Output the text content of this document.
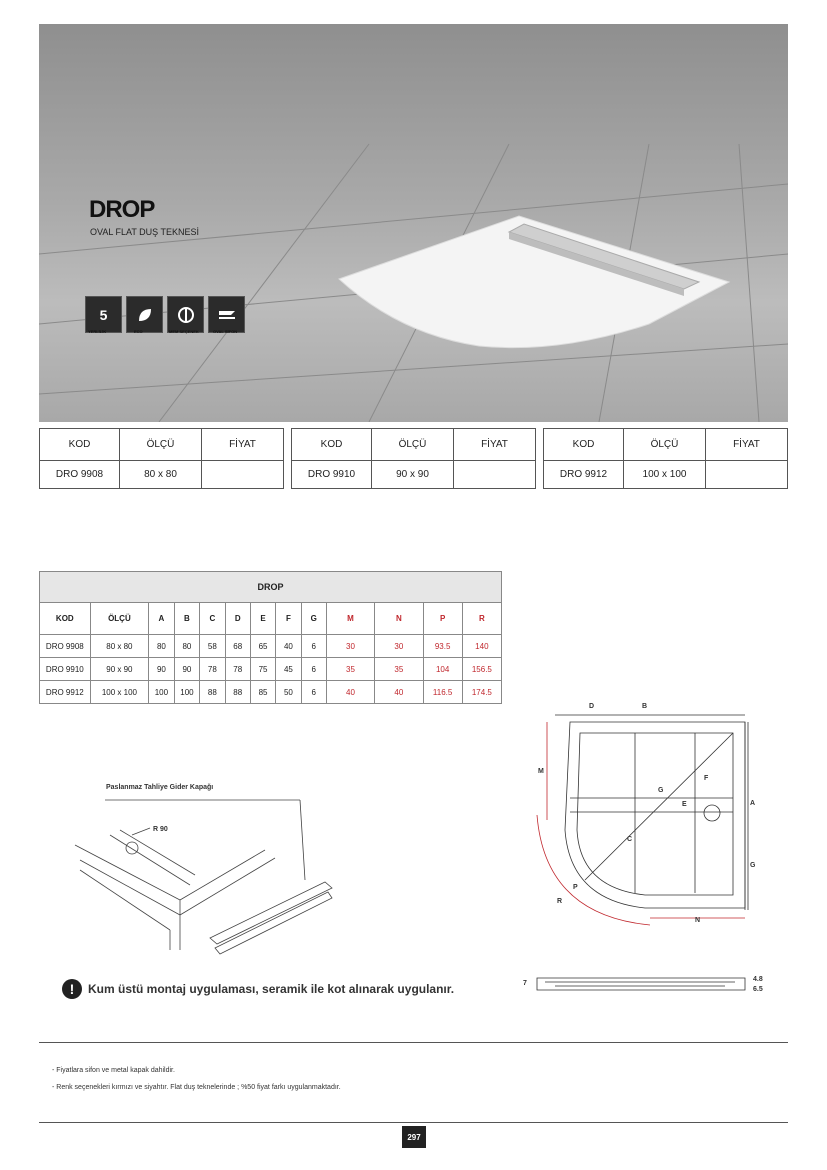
DROP
OVAL FLAT DUŞ TEKNESİ
5
YERLİLİK	ECO	MEM SEÇENEK	OVAL SİFON
KOD	ÖLÇÜ	FİYAT
DRO 9908	80 x 80	
KOD	ÖLÇÜ	FİYAT
DRO 9910	90 x 90	
KOD	ÖLÇÜ	FİYAT
DRO 9912	100 x 100	
DROP												
KOD	ÖLÇÜ	A	B	C	D	E	F	G	M	N	P	R
DRO 9908	80 x 80	80	80	58	68	65	40	6	30	30	93.5	140
DRO 9910	90 x 90	90	90	78	78	75	45	6	35	35	104	156.5
DRO 9912	100 x 100	100	100	88	88	85	50	6	40	40	116.5	174.5
Paslanmaz Tahliye Gider Kapağı
R 90
D	B
M
F
G
E
C
A
G
P
R
N
4.8
6.5
7
!	Kum üstü montaj uygulaması, seramik ile kot alınarak uygulanır.
- Fiyatlara sifon ve metal kapak dahildir.
- Renk seçenekleri kırmızı ve siyahtır. Flat duş teknelerinde ; %50 fiyat farkı uygulanmaktadır.
297
